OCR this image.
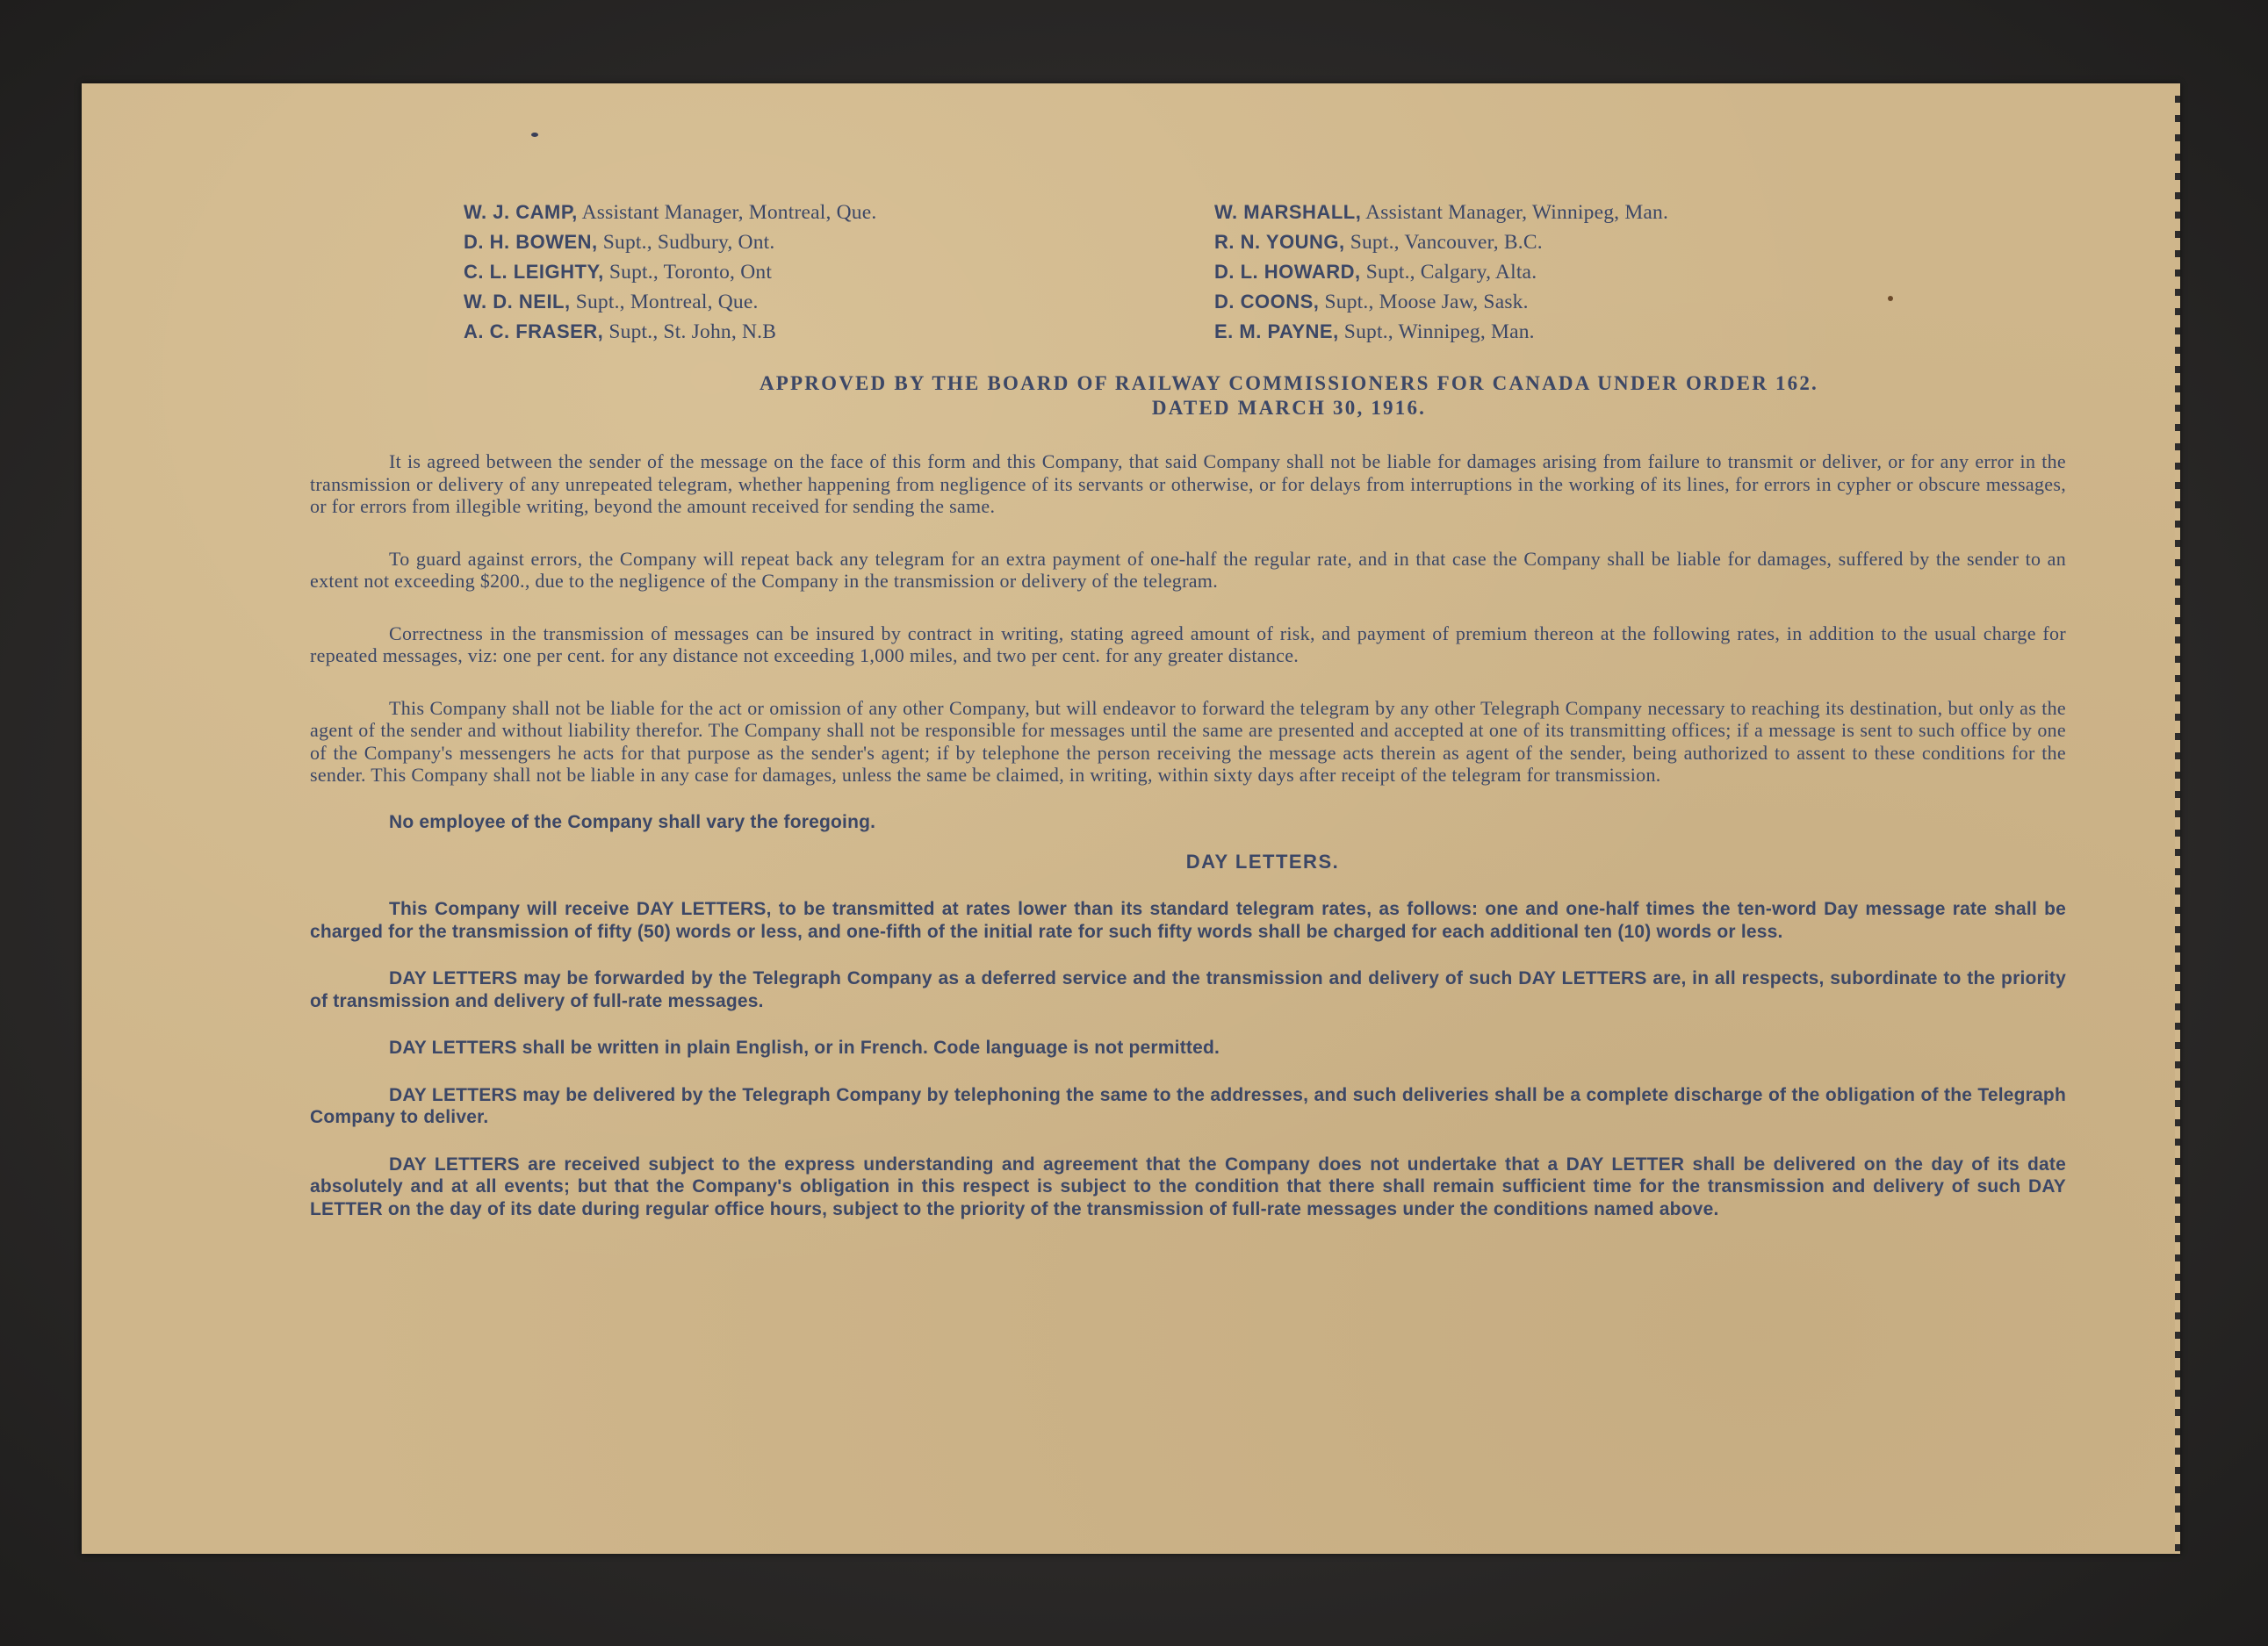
W. J. CAMP, Assistant Manager, Montreal, Que.
D. H. BOWEN, Supt., Sudbury, Ont.
C. L. LEIGHTY, Supt., Toronto, Ont
W. D. NEIL, Supt., Montreal, Que.
A. C. FRASER, Supt., St. John, N.B
W. MARSHALL, Assistant Manager, Winnipeg, Man.
R. N. YOUNG, Supt., Vancouver, B.C.
D. L. HOWARD, Supt., Calgary, Alta.
D. COONS, Supt., Moose Jaw, Sask.
E. M. PAYNE, Supt., Winnipeg, Man.
APPROVED BY THE BOARD OF RAILWAY COMMISSIONERS FOR CANADA UNDER ORDER 162.
DATED MARCH 30, 1916.
It is agreed between the sender of the message on the face of this form and this Company, that said Company shall not be liable for damages arising from failure to transmit or deliver, or for any error in the transmission or delivery of any unrepeated telegram, whether happening from negligence of its servants or otherwise, or for delays from interruptions in the working of its lines, for errors in cypher or obscure messages, or for errors from illegible writing, beyond the amount received for sending the same.
To guard against errors, the Company will repeat back any telegram for an extra payment of one-half the regular rate, and in that case the Company shall be liable for damages, suffered by the sender to an extent not exceeding $200., due to the negligence of the Company in the transmission or delivery of the telegram.
Correctness in the transmission of messages can be insured by contract in writing, stating agreed amount of risk, and payment of premium thereon at the following rates, in addition to the usual charge for repeated messages, viz: one per cent. for any distance not exceeding 1,000 miles, and two per cent. for any greater distance.
This Company shall not be liable for the act or omission of any other Company, but will endeavor to forward the telegram by any other Telegraph Company necessary to reaching its destination, but only as the agent of the sender and without liability therefor. The Company shall not be responsible for messages until the same are presented and accepted at one of its transmitting offices; if a message is sent to such office by one of the Company's messengers he acts for that purpose as the sender's agent; if by telephone the person receiving the message acts therein as agent of the sender, being authorized to assent to these conditions for the sender. This Company shall not be liable in any case for damages, unless the same be claimed, in writing, within sixty days after receipt of the telegram for transmission.
No employee of the Company shall vary the foregoing.
DAY LETTERS.
This Company will receive DAY LETTERS, to be transmitted at rates lower than its standard telegram rates, as follows: one and one-half times the ten-word Day message rate shall be charged for the transmission of fifty (50) words or less, and one-fifth of the initial rate for such fifty words shall be charged for each additional ten (10) words or less.
DAY LETTERS may be forwarded by the Telegraph Company as a deferred service and the transmission and delivery of such DAY LETTERS are, in all respects, subordinate to the priority of transmission and delivery of full-rate messages.
DAY LETTERS shall be written in plain English, or in French. Code language is not permitted.
DAY LETTERS may be delivered by the Telegraph Company by telephoning the same to the addresses, and such deliveries shall be a complete discharge of the obligation of the Telegraph Company to deliver.
DAY LETTERS are received subject to the express understanding and agreement that the Company does not undertake that a DAY LETTER shall be delivered on the day of its date absolutely and at all events; but that the Company's obligation in this respect is subject to the condition that there shall remain sufficient time for the transmission and delivery of such DAY LETTER on the day of its date during regular office hours, subject to the priority of the transmission of full-rate messages under the conditions named above.
